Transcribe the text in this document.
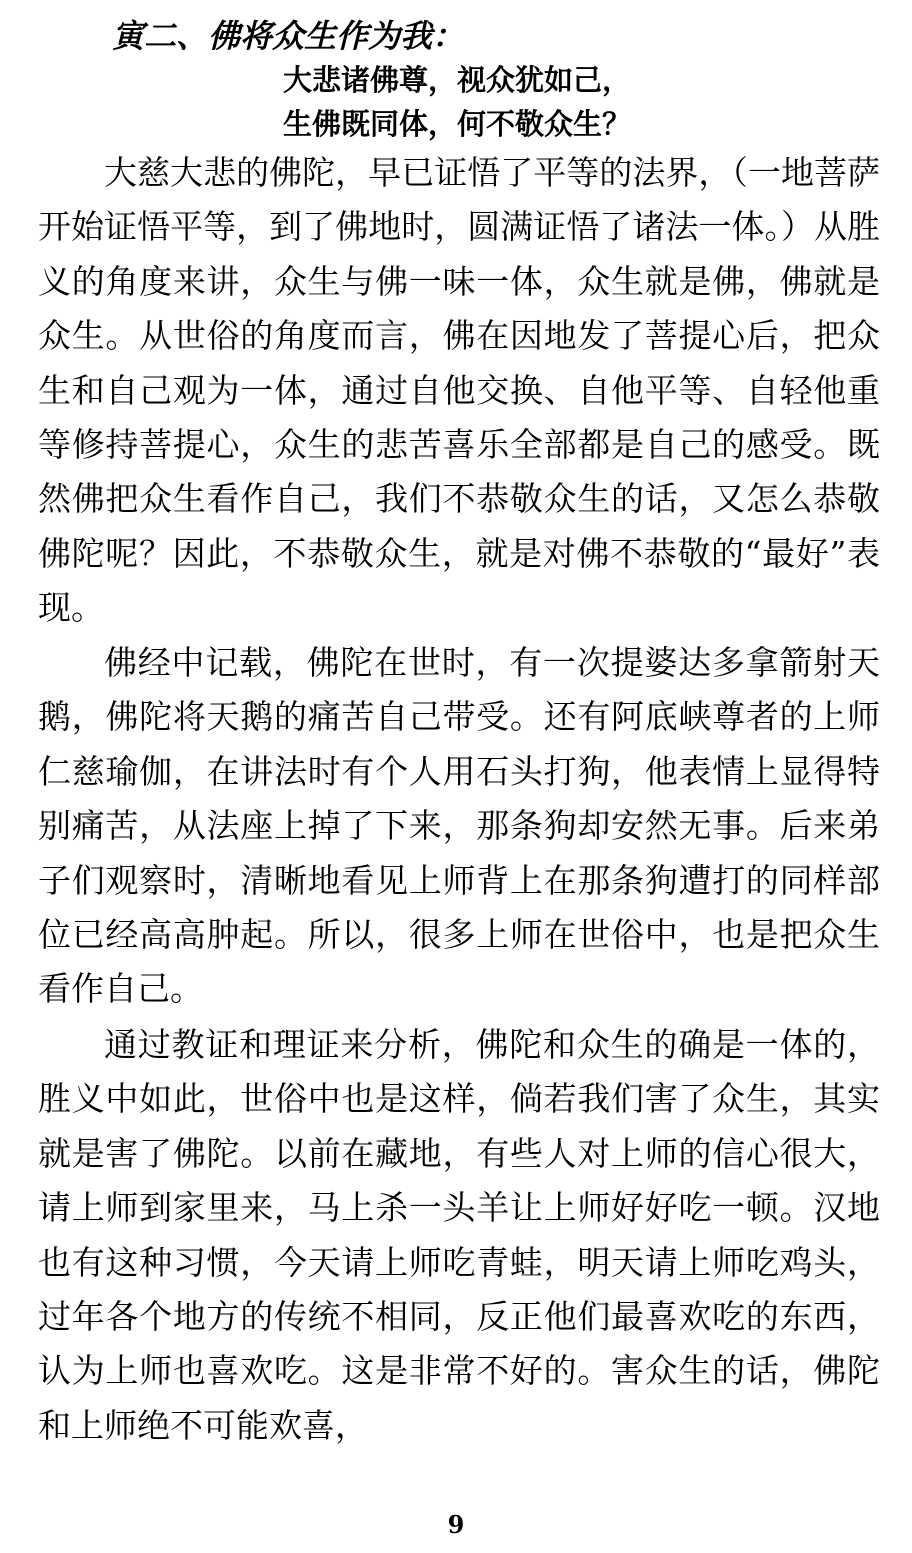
寅二、佛将众生作为我：
大悲诸佛尊，视众犹如己，
生佛既同体，何不敬众生？

大慈大悲的佛陀，早已证悟了平等的法界，（一地菩萨开始证悟平等，到了佛地时，圆满证悟了诸法一体。）从胜义的角度来讲，众生与佛一味一体，众生就是佛，佛就是众生。从世俗的角度而言，佛在因地发了菩提心后，把众生和自己观为一体，通过自他交换、自他平等、自轻他重等修持菩提心，众生的悲苦喜乐全部都是自己的感受。既然佛把众生看作自己，我们不恭敬众生的话，又怎么恭敬佛陀呢？因此，不恭敬众生，就是对佛不恭敬的“最好”表现。

佛经中记载，佛陀在世时，有一次提婆达多拿箭射天鹅，佛陀将天鹅的痛苦自己带受。还有阿底峡尊者的上师仁慈瑜伽，在讲法时有个人用石头打狗，他表情上显得特别痛苦，从法座上掉了下来，那条狗却安然无事。后来弟子们观察时，清晰地看见上师背上在那条狗遭打的同样部位已经高高肿起。所以，很多上师在世俗中，也是把众生看作自己。

通过教证和理证来分析，佛陀和众生的确是一体的，胜义中如此，世俗中也是这样，倘若我们害了众生，其实就是害了佛陀。以前在藏地，有些人对上师的信心很大，请上师到家里来，马上杀一头羊让上师好好吃一顿。汉地也有这种习惯，今天请上师吃青蛙，明天请上师吃鸡头，过年各个地方的传统不相同，反正他们最喜欢吃的东西，认为上师也喜欢吃。这是非常不好的。害众生的话，佛陀和上师绝不可能欢喜，

9
